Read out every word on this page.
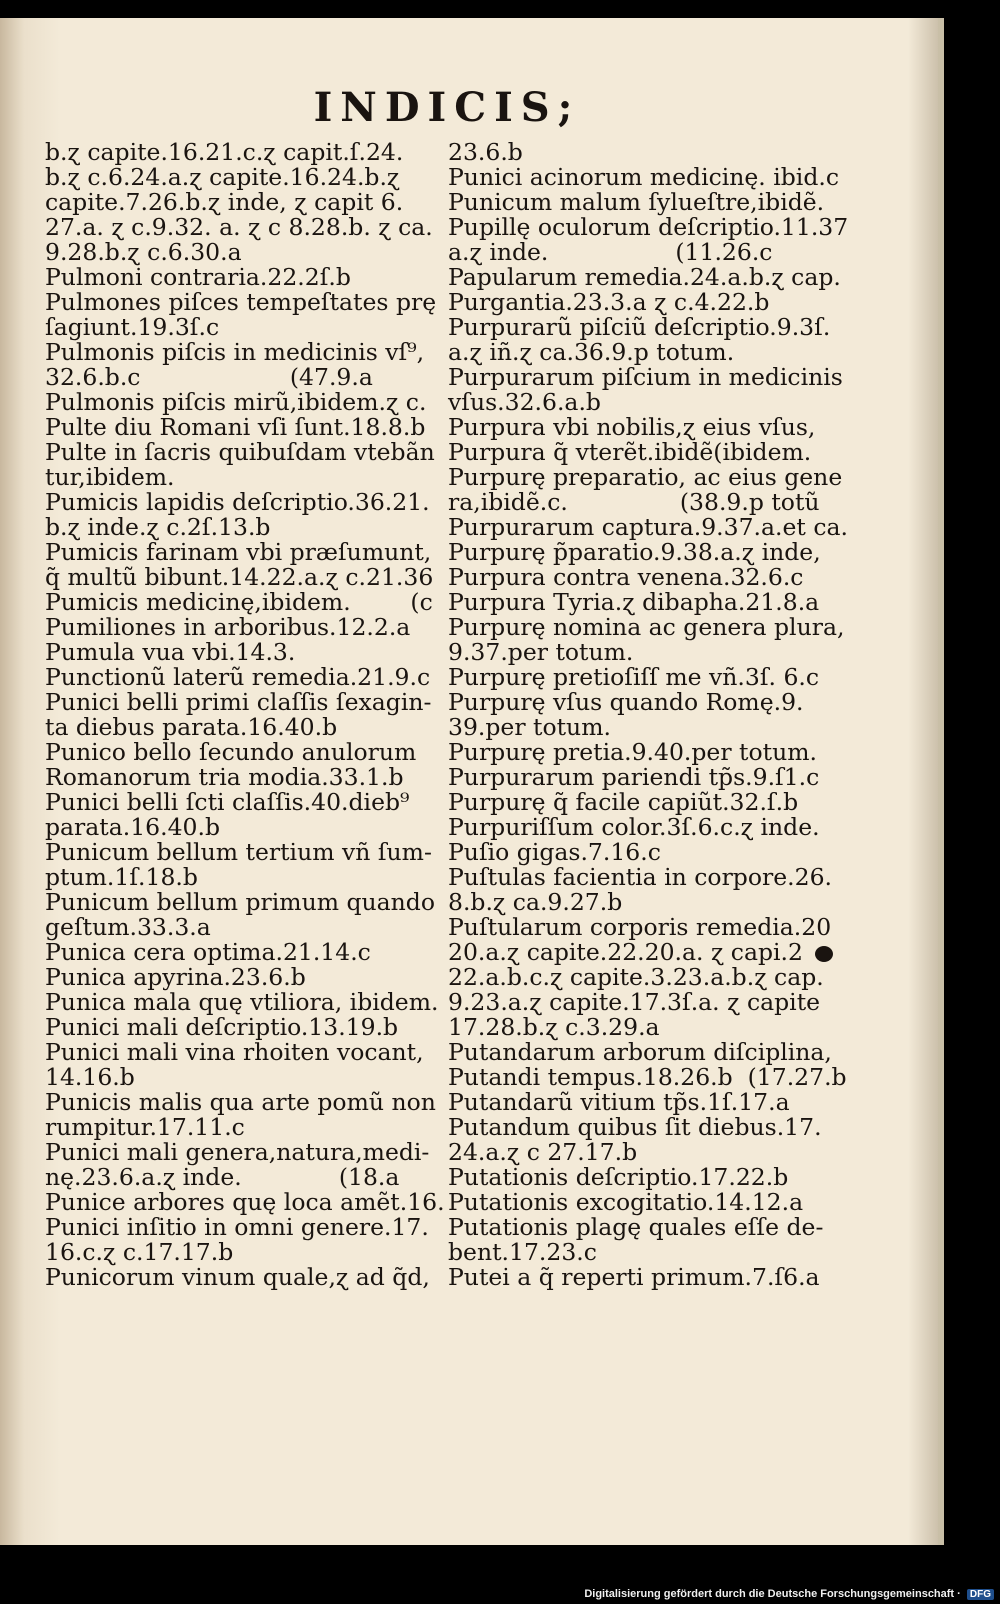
INDICIS;
b.ɀ capite.16.21.c.ɀ capit.ſ.24.
b.ɀ c.6.24.a.ɀ capite.16.24.b.ɀ
capite.7.26.b.ɀ inde, ɀ capit 6.
27.a. ɀ c.9.32. a. ɀ c 8.28.b. ɀ ca.
9.28.b.ɀ c.6.30.a
Pulmoni contraria.22.2ſ.b
Pulmones piſces tempeſtates prę
ſagiunt.19.3ſ.c
Pulmonis piſcis in medicinis vſ⁹,
32.6.b.c                    (47.9.a
Pulmonis piſcis mirũ,ibidem.ɀ c.
Pulte diu Romani vſi ſunt.18.8.b
Pulte in ſacris quibuſdam vtebãn
tur,ibidem.
Pumicis lapidis deſcriptio.36.21.
b.ɀ inde.ɀ c.2ſ.13.b
Pumicis farinam vbi præſumunt,
q̃ multũ bibunt.14.22.a.ɀ c.21.36
Pumicis medicinę,ibidem.        (c
Pumiliones in arboribus.12.2.a
Pumula vua vbi.14.3.
Punctionũ laterũ remedia.21.9.c
Punici belli primi claſſis ſexagin-
ta diebus parata.16.40.b
Punico bello ſecundo anulorum
Romanorum tria modia.33.1.b
Punici belli ſcti claſſis.40.dieb⁹
parata.16.40.b
Punicum bellum tertium vñ ſum-
ptum.1ſ.18.b
Punicum bellum primum quando
geſtum.33.3.a
Punica cera optima.21.14.c
Punica apyrina.23.6.b
Punica mala quę vtiliora, ibidem.
Punici mali deſcriptio.13.19.b
Punici mali vina rhoiten vocant,
14.16.b
Punicis malis qua arte pomũ non
rumpitur.17.11.c
Punici mali genera,natura,medi-
nę.23.6.a.ɀ inde.             (18.a
Punice arbores quę loca amẽt.16.
Punici inſitio in omni genere.17.
16.c.ɀ c.17.17.b
Punicorum vinum quale,ɀ ad q̃d,
23.6.b
Punici acinorum medicinę. ibid.c
Punicum malum ſylueſtre,ibidẽ.
Pupillę oculorum deſcriptio.11.37
a.ɀ inde.                 (11.26.c
Papularum remedia.24.a.b.ɀ cap.
Purgantia.23.3.a ɀ c.4.22.b
Purpurarũ piſciũ deſcriptio.9.3ſ.
a.ɀ iñ.ɀ ca.36.9.p totum.
Purpurarum piſcium in medicinis
vſus.32.6.a.b
Purpura vbi nobilis,ɀ eius vſus,
Purpura q̃ vterẽt.ibidẽ(ibidem.
Purpurę preparatio, ac eius gene
ra,ibidẽ.c.               (38.9.p totũ
Purpurarum captura.9.37.a.et ca.
Purpurę p̃paratio.9.38.a.ɀ inde,
Purpura contra venena.32.6.c
Purpura Tyria.ɀ dibapha.21.8.a
Purpurę nomina ac genera plura,
9.37.per totum.
Purpurę pretioſiſſ me vñ.3ſ. 6.c
Purpurę vſus quando Romę.9.
39.per totum.
Purpurę pretia.9.40.per totum.
Purpurarum pariendi tp̃s.9.ſ1.c
Purpurę q̃ facile capiũt.32.ſ.b
Purpuriſſum color.3ſ.6.c.ɀ inde.
Puſio gigas.7.16.c
Puſtulas facientia in corpore.26.
8.b.ɀ ca.9.27.b
Puſtularum corporis remedia.20
20.a.ɀ capite.22.20.a. ɀ capi.2
22.a.b.c.ɀ capite.3.23.a.b.ɀ cap.
9.23.a.ɀ capite.17.3ſ.a. ɀ capite
17.28.b.ɀ c.3.29.a
Putandarum arborum diſciplina,
Putandi tempus.18.26.b  (17.27.b
Putandarũ vitium tp̃s.1ſ.17.a
Putandum quibus ſit diebus.17.
24.a.ɀ c 27.17.b
Putationis deſcriptio.17.22.b
Putationis excogitatio.14.12.a
Putationis plagę quales eſſe de-
bent.17.23.c
Putei a q̃ reperti primum.7.ſ6.a
Digitalisierung gefördert durch die Deutsche Forschungsgemeinschaft · DFG
